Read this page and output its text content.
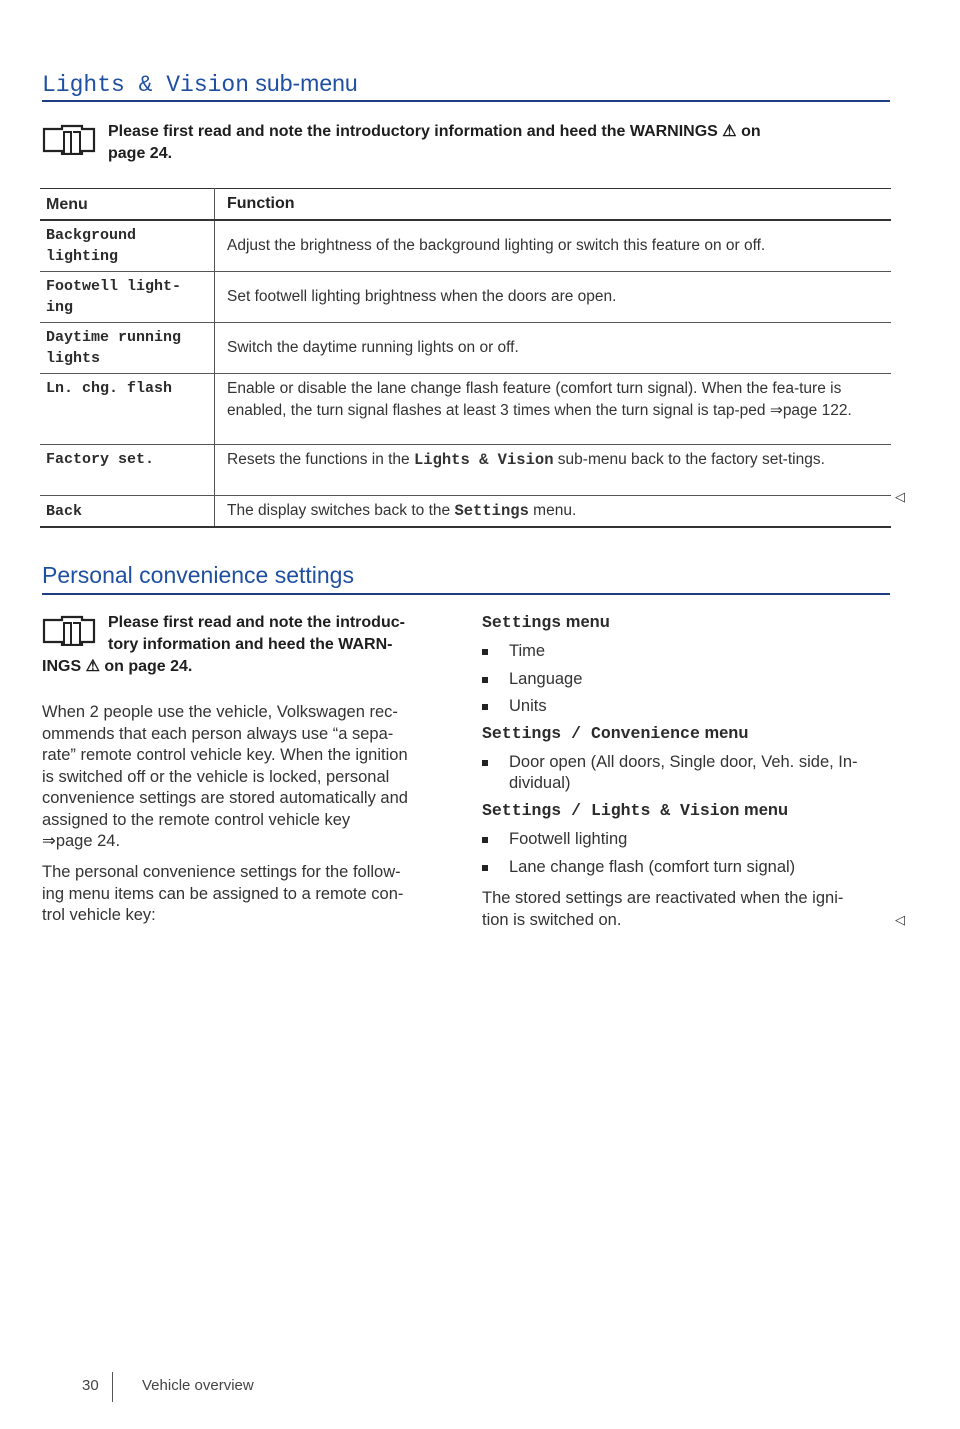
Lights & Vision sub-menu
Please first read and note the introductory information and heed the WARNINGS ⚠ on
page 24.
Menu	Function
Background lighting	Adjust the brightness of the background lighting or switch this feature on or off.
Footwell light-ing	Set footwell lighting brightness when the doors are open.
Daytime running lights	Switch the daytime running lights on or off.
Ln. chg. flash	Enable or disable the lane change flash feature (comfort turn signal). When the fea-ture is enabled, the turn signal flashes at least 3 times when the turn signal is tap-ped ⇒page 122.
Factory set.	Resets the functions in the Lights & Vision sub-menu back to the factory set-tings.
Back	The display switches back to the Settings menu.
◁
Personal convenience settings
Please first read and note the introduc-
tory information and heed the WARN-
INGS ⚠ on page 24.
When 2 people use the vehicle, Volkswagen rec-
ommends that each person always use “a sepa-
rate” remote control vehicle key. When the ignition
is switched off or the vehicle is locked, personal
convenience settings are stored automatically and
assigned to the remote control vehicle key
⇒page 24.
The personal convenience settings for the follow-
ing menu items can be assigned to a remote con-
trol vehicle key:
Settings menu
Time
Language
Units
Settings / Convenience menu
Door open (All doors, Single door, Veh. side, In-
dividual)
Settings / Lights & Vision menu
Footwell lighting
Lane change flash (comfort turn signal)
The stored settings are reactivated when the igni-
tion is switched on.	◁
30	Vehicle overview
